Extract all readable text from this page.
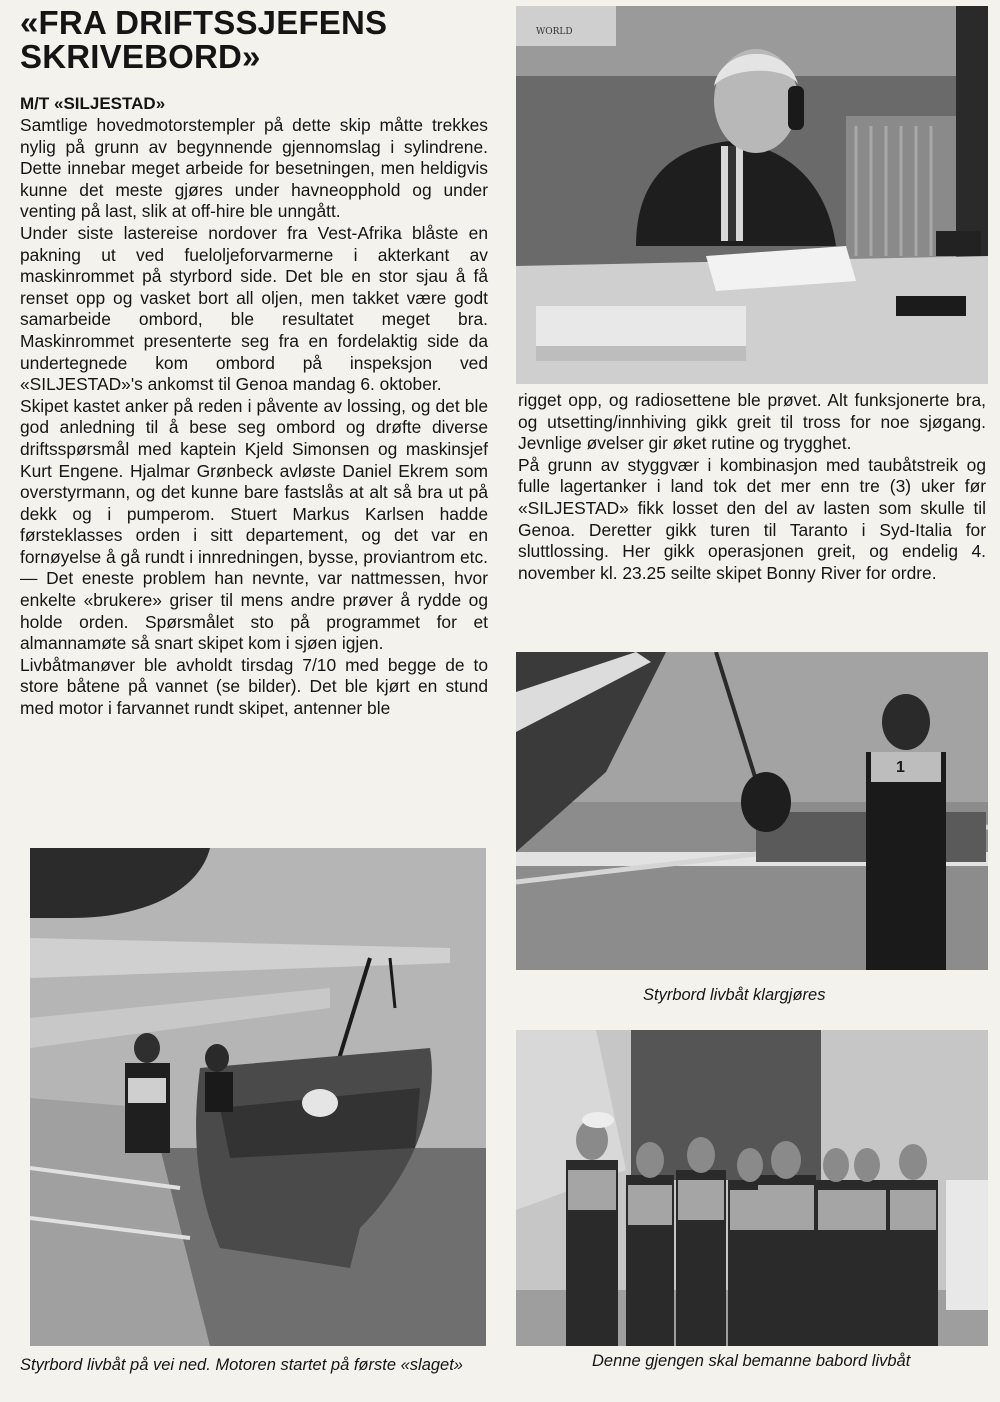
«FRA DRIFTSSJEFENS SKRIVEBORD»
M/T «SILJESTAD»

Samtlige hovedmotorstempler på dette skip måtte trekkes nylig på grunn av begynnende gjennomslag i sylindrene. Dette innebar meget arbeide for besetningen, men heldigvis kunne det meste gjøres under havneopphold og under venting på last, slik at off-hire ble unngått.

Under siste lastereise nordover fra Vest-Afrika blåste en pakning ut ved fueloljeforvarmerne i akterkant av maskinrommet på styrbord side. Det ble en stor sjau å få renset opp og vasket bort all oljen, men takket være godt samarbeide ombord, ble resultatet meget bra. Maskinrommet presenterte seg fra en fordelaktig side da undertegnede kom ombord på inspeksjon ved «SILJESTAD»'s ankomst til Genoa mandag 6. oktober.

Skipet kastet anker på reden i påvente av lossing, og det ble god anledning til å bese seg ombord og drøfte diverse driftsspørsmål med kaptein Kjeld Simonsen og maskinsjef Kurt Engene. Hjalmar Grønbeck avløste Daniel Ekrem som overstyrmann, og det kunne bare fastslås at alt så bra ut på dekk og i pumperom. Stuert Markus Karlsen hadde førsteklasses orden i sitt departement, og det var en fornøyelse å gå rundt i innredningen, bysse, proviantrom etc. — Det eneste problem han nevnte, var nattmessen, hvor enkelte «brukere» griser til mens andre prøver å rydde og holde orden. Spørsmålet sto på programmet for et almannamøte så snart skipet kom i sjøen igjen.

Livbåtmanøver ble avholdt tirsdag 7/10 med begge de to store båtene på vannet (se bilder). Det ble kjørt en stund med motor i farvannet rundt skipet, antenner ble

rigget opp, og radiosettene ble prøvet. Alt funksjonerte bra, og utsetting/innhiving gikk greit til tross for noe sjøgang. Jevnlige øvelser gir øket rutine og trygghet.

På grunn av styggvær i kombinasjon med taubåtstreik og fulle lagertanker i land tok det mer enn tre (3) uker før «SILJESTAD» fikk losset den del av lasten som skulle til Genoa. Deretter gikk turen til Taranto i Syd-Italia for sluttlossing. Her gikk operasjonen greit, og endelig 4. november kl. 23.25 seilte skipet Bonny River for ordre.

WORLD
1
Styrbord livbåt klargjøres
Styrbord livbåt på vei ned. Motoren startet på første «slaget»	Denne gjengen skal bemanne babord livbåt
